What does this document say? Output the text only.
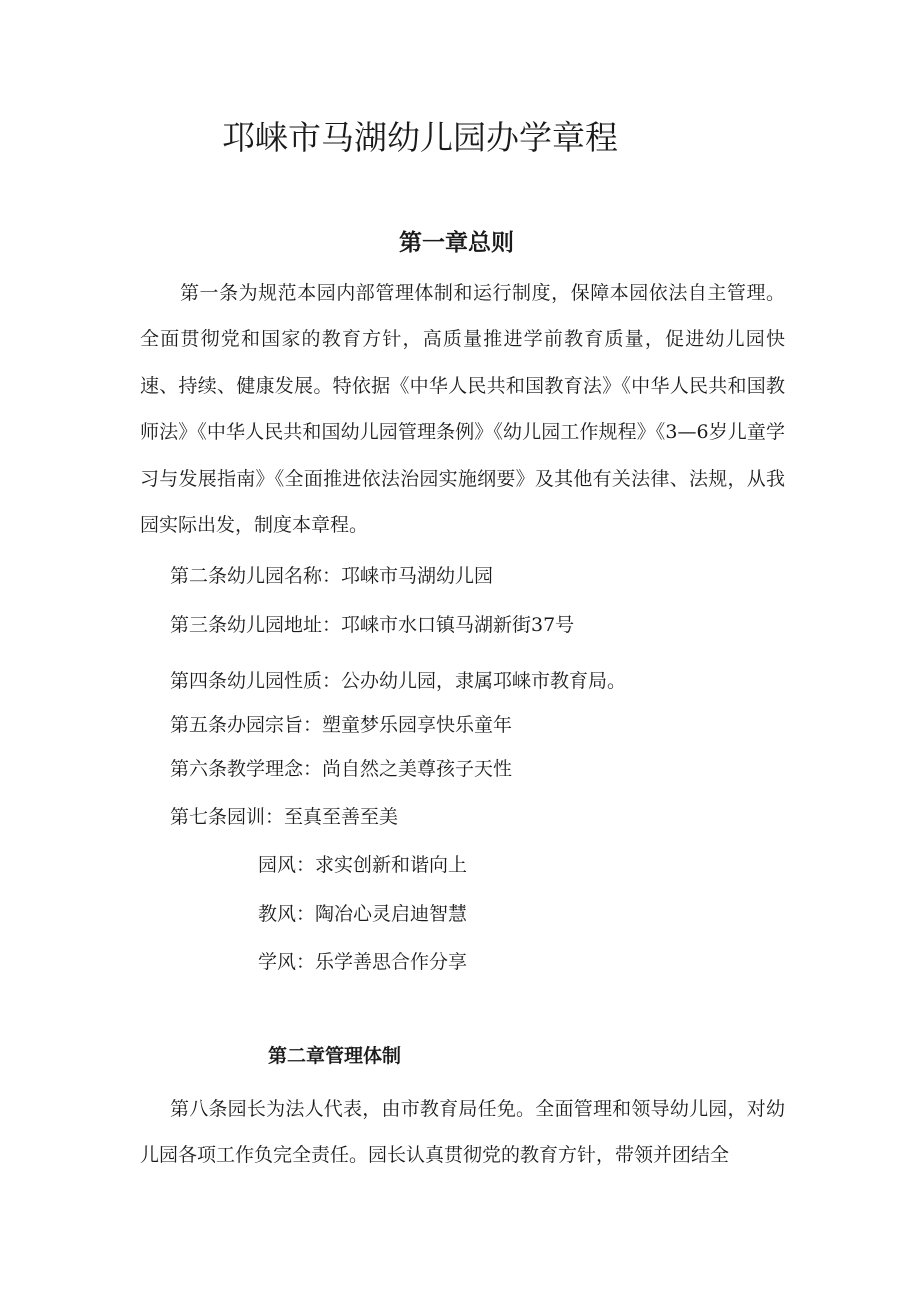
邛崃市马湖幼儿园办学章程
第一章总则

第一条为规范本园内部管理体制和运行制度，保障本园依法自主管理。全面贯彻党和国家的教育方针，高质量推进学前教育质量，促进幼儿园快速、持续、健康发展。特依据《中华人民共和国教育法》《中华人民共和国教师法》《中华人民共和国幼儿园管理条例》《幼儿园工作规程》《3—6岁儿童学习与发展指南》《全面推进依法治园实施纲要》及其他有关法律、法规，从我园实际出发，制度本章程。

第二条幼儿园名称：邛崃市马湖幼儿园

第三条幼儿园地址：邛崃市水口镇马湖新街37号

第四条幼儿园性质：公办幼儿园，隶属邛崃市教育局。

第五条办园宗旨：塑童梦乐园享快乐童年

第六条教学理念：尚自然之美尊孩子天性

第七条园训：至真至善至美

园风：求实创新和谐向上

教风：陶冶心灵启迪智慧

学风：乐学善思合作分享

第二章管理体制

第八条园长为法人代表，由市教育局任免。全面管理和领导幼儿园，对幼儿园各项工作负完全责任。园长认真贯彻党的教育方针，带领并团结全
